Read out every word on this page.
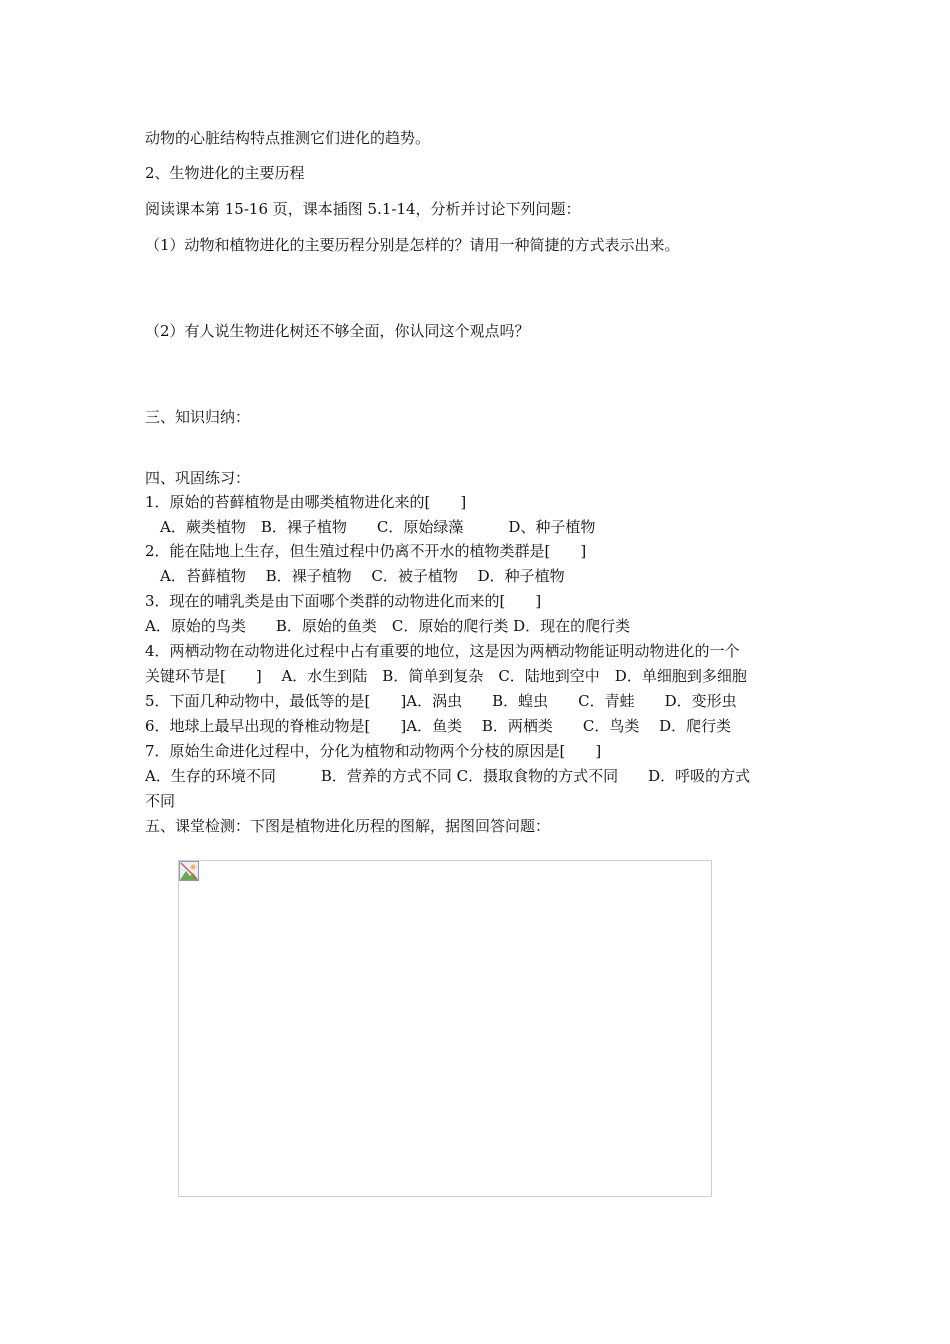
动物的心脏结构特点推测它们进化的趋势。
2、生物进化的主要历程
阅读课本第 15-16 页，课本插图 5.1-14，分析并讨论下列问题：
（1）动物和植物进化的主要历程分别是怎样的？请用一种简捷的方式表示出来。
（2）有人说生物进化树还不够全面，你认同这个观点吗？
三、知识归纳：
四、巩固练习：
1．原始的苔藓植物是由哪类植物进化来的[　　]
　A．蕨类植物　B．裸子植物　　C．原始绿藻　　　D、种子植物
2．能在陆地上生存，但生殖过程中仍离不开水的植物类群是[　　]
　A．苔藓植物　 B．裸子植物　 C．被子植物　 D．种子植物
3．现在的哺乳类是由下面哪个类群的动物进化而来的[　　]
A．原始的鸟类　　B．原始的鱼类　C．原始的爬行类 D．现在的爬行类
4．两栖动物在动物进化过程中占有重要的地位，这是因为两栖动物能证明动物进化的一个
关键环节是[　　]　 A．水生到陆　B．简单到复杂　C．陆地到空中　D．单细胞到多细胞
5．下面几种动物中，最低等的是[　　]A．涡虫　　B．蝗虫　　C．青蛙　　D．变形虫
6．地球上最早出现的脊椎动物是[　　]A．鱼类　 B．两栖类　　C．鸟类　 D．爬行类
7．原始生命进化过程中，分化为植物和动物两个分枝的原因是[　　]
A．生存的环境不同　　　B．营养的方式不同 C．摄取食物的方式不同　　D．呼吸的方式
不同
五、课堂检测：下图是植物进化历程的图解，据图回答问题：
